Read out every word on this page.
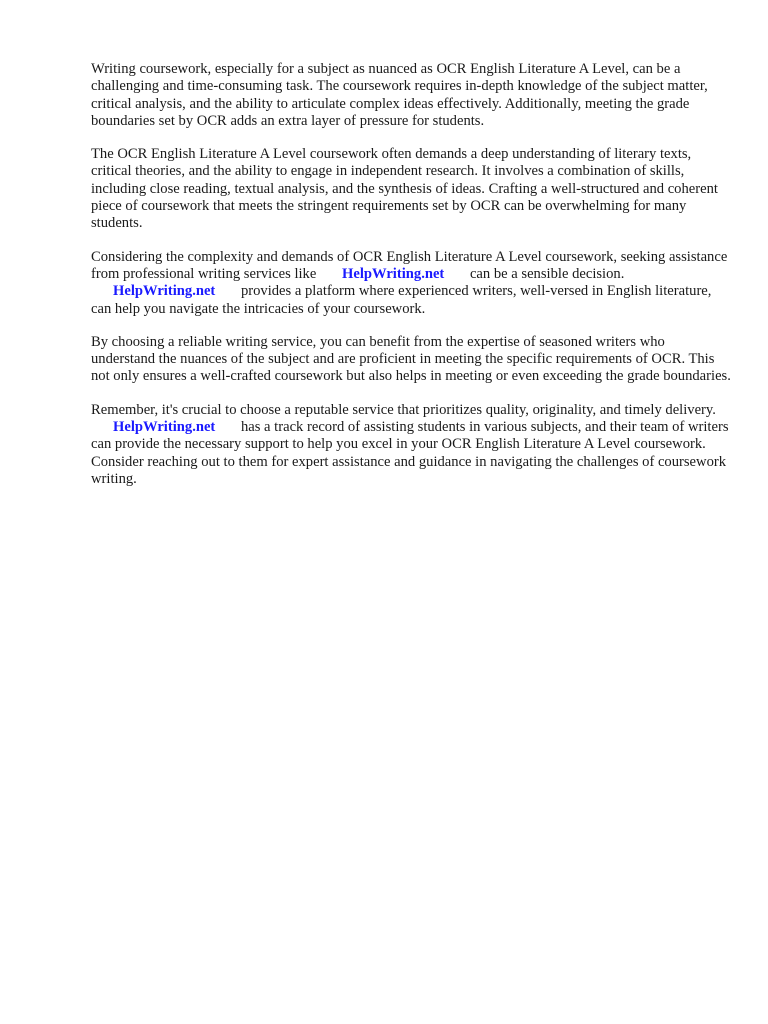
Writing coursework, especially for a subject as nuanced as OCR English Literature A Level, can be a challenging and time-consuming task. The coursework requires in-depth knowledge of the subject matter, critical analysis, and the ability to articulate complex ideas effectively. Additionally, meeting the grade boundaries set by OCR adds an extra layer of pressure for students.

The OCR English Literature A Level coursework often demands a deep understanding of literary texts, critical theories, and the ability to engage in independent research. It involves a combination of skills, including close reading, textual analysis, and the synthesis of ideas. Crafting a well-structured and coherent piece of coursework that meets the stringent requirements set by OCR can be overwhelming for many students.

Considering the complexity and demands of OCR English Literature A Level coursework, seeking assistance from professional writing services like HelpWriting.net can be a sensible decision. HelpWriting.net provides a platform where experienced writers, well-versed in English literature, can help you navigate the intricacies of your coursework.

By choosing a reliable writing service, you can benefit from the expertise of seasoned writers who understand the nuances of the subject and are proficient in meeting the specific requirements of OCR. This not only ensures a well-crafted coursework but also helps in meeting or even exceeding the grade boundaries.

Remember, it's crucial to choose a reputable service that prioritizes quality, originality, and timely delivery. HelpWriting.net has a track record of assisting students in various subjects, and their team of writers can provide the necessary support to help you excel in your OCR English Literature A Level coursework. Consider reaching out to them for expert assistance and guidance in navigating the challenges of coursework writing.
